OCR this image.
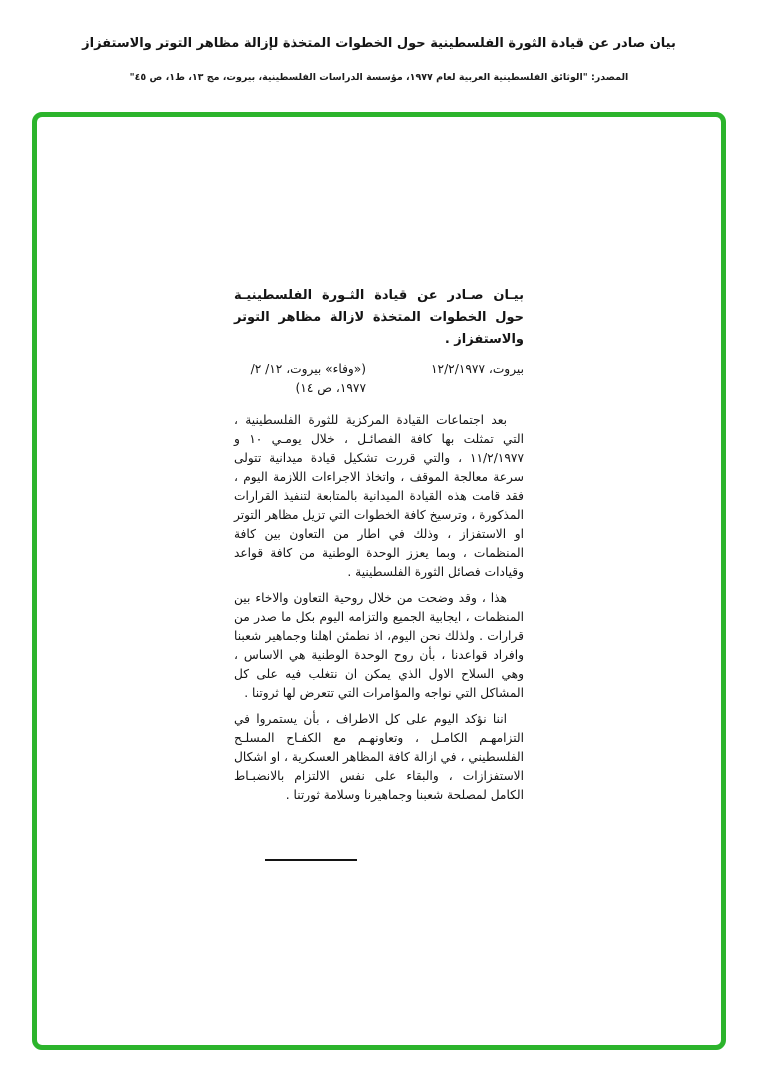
بيان صادر عن قيادة الثورة الفلسطينية حول الخطوات المتخذة لإزالة مظاهر التوتر والاستفزاز
المصدر: "الوثائق الفلسطينية العربية لعام ١٩٧٧، مؤسسة الدراسات الفلسطينية، بيروت، مج ١٣، ط١، ص ٤٥"
بيـان صـادر عن قيادة الثـورة الفلسطينيـة حول الخطوات المتخذة لازالة مظاهر التوتر والاستفزاز .
بيروت، ١٢/٢/١٩٧٧
(«وفاء» بيروت، ١٢/ ٢/ ١٩٧٧، ص ١٤)

بعد اجتماعات القيادة المركزية للثورة الفلسطينية ، التي تمثلت بها كافة الفصائـل ، خلال يومـي ١٠ و ١١/٢/١٩٧٧ ، والتي قررت تشكيل قيادة ميدانية تتولى سرعة معالجة الموقف ، واتخاذ الاجراءات اللازمة اليوم ، فقد قامت هذه القيادة الميدانية بالمتابعة لتنفيذ القرارات المذكورة ، وترسيخ كافة الخطوات التي تزيل مظاهر التوتر او الاستفزاز ، وذلك في اطار من التعاون بين كافة المنظمات ، وبما يعزز الوحدة الوطنية من كافة قواعد وقيادات فصائل الثورة الفلسطينية .

هذا ، وقد وضحت من خلال روحية التعاون والاخاء بين المنظمات ، ايجابية الجميع والتزامه اليوم بكل ما صدر من قرارات . ولذلك نحن اليوم، اذ نطمئن اهلنا وجماهير شعبنا وافراد قواعدنا ، بأن روح الوحدة الوطنية هي الاساس ، وهي السلاح الاول الذي يمكن ان نتغلب فيه على كل المشاكل التي نواجه والمؤامرات التي تتعرض لها ثروتنا .

اننا نؤكد اليوم على كل الاطراف ، بأن يستمروا في التزامهـم الكامـل ، وتعاونهـم مع الكفـاح المسلـح الفلسطيني ، في ازالة كافة المظاهر العسكرية ، او اشكال الاستفزازات ، والبقاء على نفس الالتزام بالانضبـاط الكامل لمصلحة شعبنا وجماهيرنا وسلامة ثورتنا .
